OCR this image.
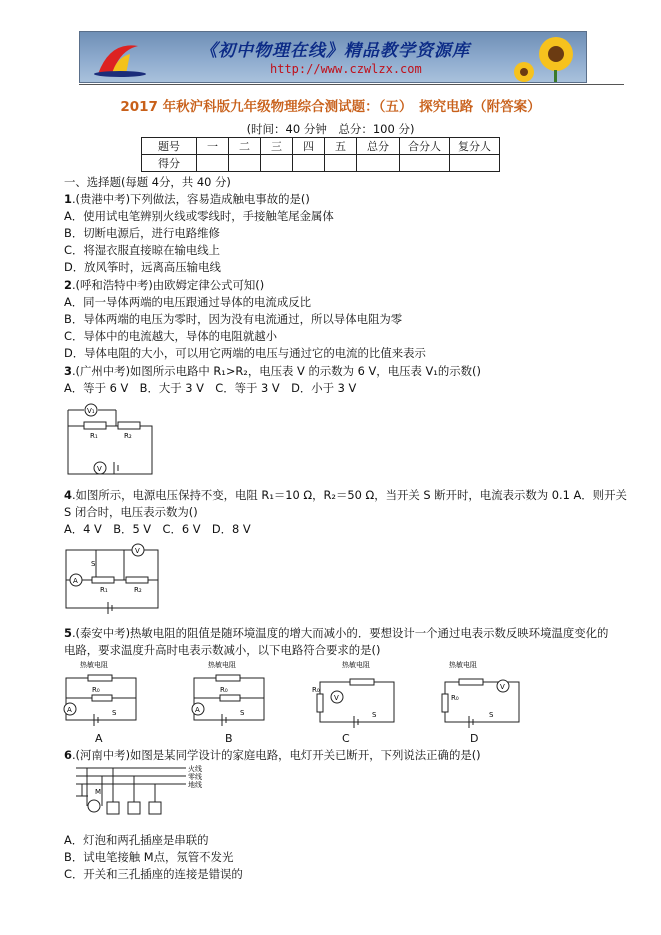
《初中物理在线》精品教学资源库
http://www.czwlzx.com
2017 年秋沪科版九年级物理综合测试题：（五）　探究电路（附答案）
(时间：40 分钟　总分：100 分)
题号	一	二	三	四	五	总分	合分人	复分人
得分								
一、选择题(每题 4分，共 40 分)
1.(贵港中考)下列做法，容易造成触电事故的是()
A．使用试电笔辨别火线或零线时，手接触笔尾金属体
B．切断电源后，进行电路维修
C．将湿衣服直接晾在输电线上
D．放风筝时，远离高压输电线
2.(呼和浩特中考)由欧姆定律公式可知()
A．同一导体两端的电压跟通过导体的电流成反比
B．导体两端的电压为零时，因为没有电流通过，所以导体电阻为零
C．导体中的电流越大，导体的电阻就越小
D．导体电阻的大小，可以用它两端的电压与通过它的电流的比值来表示
3.(广州中考)如图所示电路中 R₁>R₂，电压表 V 的示数为 6 V，电压表 V₁的示数()
A．等于 6 V　B．大于 3 V　C．等于 3 V　D．小于 3 V
V₁
V
R₁	R₂
4.如图所示，电源电压保持不变，电阻 R₁＝10 Ω，R₂＝50 Ω，当开关 S 断开时，电流表示数为 0.1 A．则开关
S 闭合时，电压表示数为()
A．4 V　B．5 V　C．6 V　D．8 V
S
V
A
R₁	R₂
5.(泰安中考)热敏电阻的阻值是随环境温度的增大而减小的．要想设计一个通过电表示数反映环境温度变化的
电路，要求温度升高时电表示数减小，以下电路符合要求的是()
热敏电阻
R₀
A	S
A
热敏电阻
R₀
A	S
B
热敏电阻
R₀
V
S
C
热敏电阻
R₀
V
S
D
6.(河南中考)如图是某同学设计的家庭电路，电灯开关已断开，下列说法正确的是()
火线
零线
地线
M
A．灯泡和两孔插座是串联的
B．试电笔接触 M点，氖管不发光
C．开关和三孔插座的连接是错误的
